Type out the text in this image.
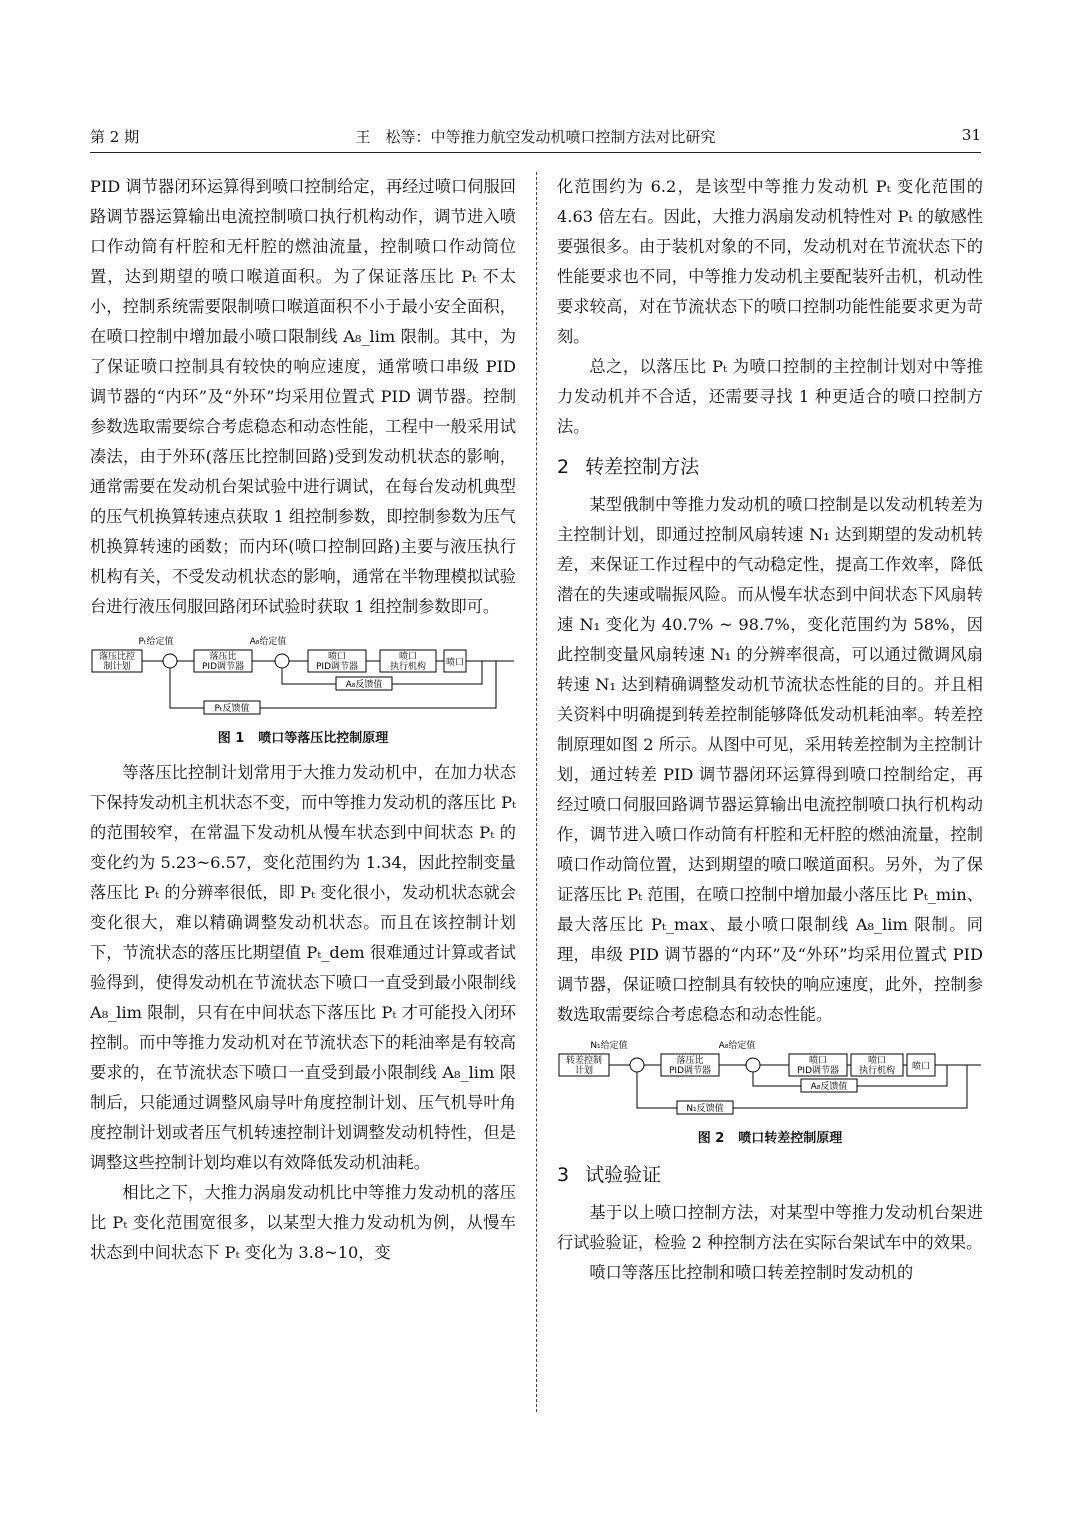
第 2 期	王　松等：中等推力航空发动机喷口控制方法对比研究	31

PID 调节器闭环运算得到喷口控制给定，再经过喷口伺服回路调节器运算输出电流控制喷口执行机构动作，调节进入喷口作动筒有杆腔和无杆腔的燃油流量，控制喷口作动筒位置，达到期望的喷口喉道面积。为了保证落压比 Pₜ 不太小，控制系统需要限制喷口喉道面积不小于最小安全面积，在喷口控制中增加最小喷口限制线 A₈_lim 限制。其中，为了保证喷口控制具有较快的响应速度，通常喷口串级 PID 调节器的“内环”及“外环”均采用位置式 PID 调节器。控制参数选取需要综合考虑稳态和动态性能，工程中一般采用试凑法，由于外环(落压比控制回路)受到发动机状态的影响，通常需要在发动机台架试验中进行调试，在每台发动机典型的压气机换算转速点获取 1 组控制参数，即控制参数为压气机换算转速的函数；而内环(喷口控制回路)主要与液压执行机构有关，不受发动机状态的影响，通常在半物理模拟试验台进行液压伺服回路闭环试验时获取 1 组控制参数即可。

Pₜ给定值
落压比控
制计划
落压比
PID调节器
A₈给定值
喷口
PID调节器
喷口
执行机构 喷口
A₈反馈值
Pₜ反馈值
图 1 喷口等落压比控制原理

等落压比控制计划常用于大推力发动机中，在加力状态下保持发动机主机状态不变，而中等推力发动机的落压比 Pₜ 的范围较窄，在常温下发动机从慢车状态到中间状态 Pₜ 的变化约为 5.23~6.57，变化范围约为 1.34，因此控制变量落压比 Pₜ 的分辨率很低，即 Pₜ 变化很小，发动机状态就会变化很大，难以精确调整发动机状态。而且在该控制计划下，节流状态的落压比期望值 Pₜ_dem 很难通过计算或者试验得到，使得发动机在节流状态下喷口一直受到最小限制线 A₈_lim 限制，只有在中间状态下落压比 Pₜ 才可能投入闭环控制。而中等推力发动机对在节流状态下的耗油率是有较高要求的，在节流状态下喷口一直受到最小限制线 A₈_lim 限制后，只能通过调整风扇导叶角度控制计划、压气机导叶角度控制计划或者压气机转速控制计划调整发动机特性，但是调整这些控制计划均难以有效降低发动机油耗。

相比之下，大推力涡扇发动机比中等推力发动机的落压比 Pₜ 变化范围宽很多，以某型大推力发动机为例，从慢车状态到中间状态下 Pₜ 变化为 3.8~10，变

化范围约为 6.2，是该型中等推力发动机 Pₜ 变化范围的 4.63 倍左右。因此，大推力涡扇发动机特性对 Pₜ 的敏感性要强很多。由于装机对象的不同，发动机对在节流状态下的性能要求也不同，中等推力发动机主要配装歼击机，机动性要求较高，对在节流状态下的喷口控制功能性能要求更为苛刻。

总之，以落压比 Pₜ 为喷口控制的主控制计划对中等推力发动机并不合适，还需要寻找 1 种更适合的喷口控制方法。

2 转差控制方法

某型俄制中等推力发动机的喷口控制是以发动机转差为主控制计划，即通过控制风扇转速 N₁ 达到期望的发动机转差，来保证工作过程中的气动稳定性，提高工作效率，降低潜在的失速或喘振风险。而从慢车状态到中间状态下风扇转速 N₁ 变化为 40.7% ~ 98.7%，变化范围约为 58%，因此控制变量风扇转速 N₁ 的分辨率很高，可以通过微调风扇转速 N₁ 达到精确调整发动机节流状态性能的目的。并且相关资料中明确提到转差控制能够降低发动机耗油率。转差控制原理如图 2 所示。从图中可见，采用转差控制为主控制计划，通过转差 PID 调节器闭环运算得到喷口控制给定，再经过喷口伺服回路调节器运算输出电流控制喷口执行机构动作，调节进入喷口作动筒有杆腔和无杆腔的燃油流量，控制喷口作动筒位置，达到期望的喷口喉道面积。另外，为了保证落压比 Pₜ 范围，在喷口控制中增加最小落压比 Pₜ_min、最大落压比 Pₜ_max、最小喷口限制线 A₈_lim 限制。同理，串级 PID 调节器的“内环”及“外环”均采用位置式 PID 调节器，保证喷口控制具有较快的响应速度，此外，控制参数选取需要综合考虑稳态和动态性能。

N₁给定值
转差控制
计划
落压比
PID调节器
A₈给定值
喷口
PID调节器
喷口
执行机构 喷口
A₈反馈值
N₁反馈值
图 2 喷口转差控制原理
3 试验验证

基于以上喷口控制方法，对某型中等推力发动机台架进行试验验证，检验 2 种控制方法在实际台架试车中的效果。

喷口等落压比控制和喷口转差控制时发动机的
